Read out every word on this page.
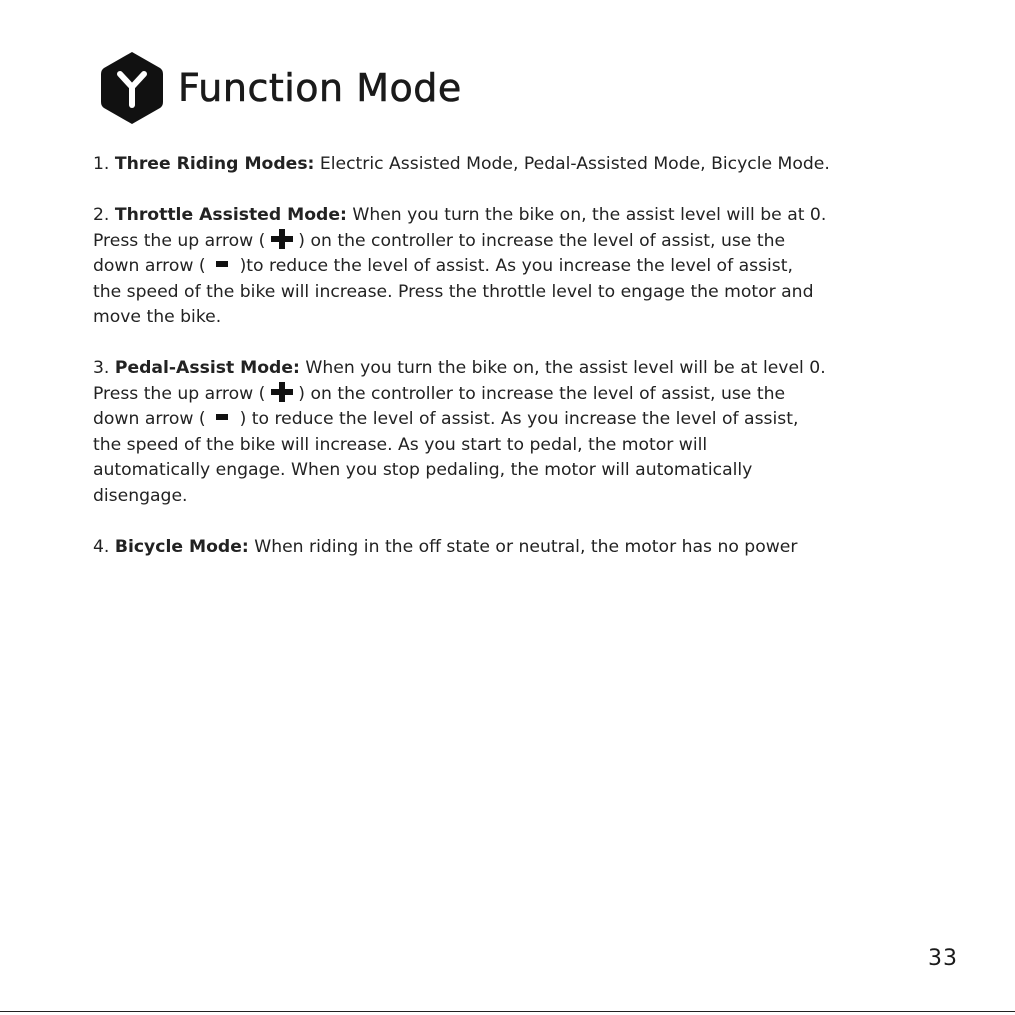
Function Mode

1. Three Riding Modes: Electric Assisted Mode, Pedal-Assisted Mode, Bicycle Mode.

2. Throttle Assisted Mode: When you turn the bike on, the assist level will be at 0.
Press the up arrow (  ) on the controller to increase the level of assist, use the
down arrow ( )to reduce the level of assist. As you increase the level of assist,
the speed of the bike will increase. Press the throttle level to engage the motor and
move the bike.

3. Pedal-Assist Mode: When you turn the bike on, the assist level will be at level 0.
Press the up arrow (  ) on the controller to increase the level of assist, use the
down arrow ( ) to reduce the level of assist. As you increase the level of assist,
the speed of the bike will increase. As you start to pedal, the motor will
automatically engage. When you stop pedaling, the motor will automatically
disengage.

4. Bicycle Mode: When riding in the off state or neutral, the motor has no power

33
